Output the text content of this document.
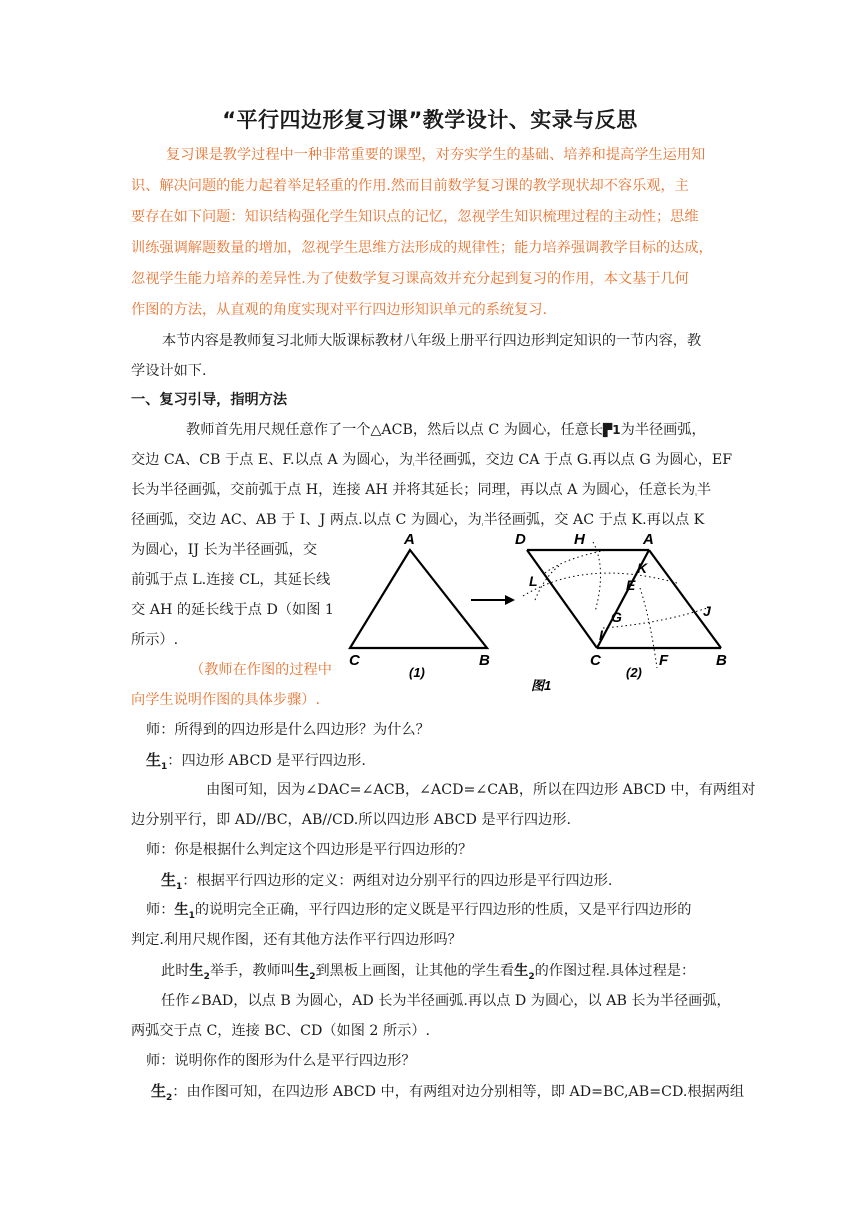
“平行四边形复习课”教学设计、实录与反思
复习课是教学过程中一种非常重要的课型，对夯实学生的基础、培养和提高学生运用知
识、解决问题的能力起着举足轻重的作用.然而目前数学复习课的教学现状却不容乐观，主
要存在如下问题：知识结构强化学生知识点的记忆，忽视学生知识梳理过程的主动性；思维
训练强调解题数量的增加，忽视学生思维方法形成的规律性；能力培养强调教学目标的达成，
忽视学生能力培养的差异性.为了使数学复习课高效并充分起到复习的作用，本文基于几何
作图的方法，从直观的角度实现对平行四边形知识单元的系统复习.
本节内容是教师复习北师大版课标教材八年级上册平行四边形判定知识的一节内容，教
学设计如下.
一、复习引导，指明方法
教师首先用尺规任意作了一个△ACB，然后以点 C 为圆心，任意长▛1为半径画弧，
交边 CA、CB 于点 E、F.以点 A 为圆心，为ₗ半径画弧，交边 CA 于点 G.再以点 G 为圆心，EF
长为半径画弧，交前弧于点 H，连接 AH 并将其延长；同理，再以点 A 为圆心，任意长为ₗ半
径画弧，交边 AC、AB 于 I、J 两点.以点 C 为圆心，为ₗ半径画弧，交 AC 于点 K.再以点 K
为圆心，IJ 长为半径画弧，交
前弧于点 L.连接 CL，其延长线
交 AH 的延长线于点 D（如图 1
所示）.
（教师在作图的过程中
向学生说明作图的具体步骤）.
A
C	B
(1)
D	H	A
L
K
E
G	J
I
C	F	B
(2)
图1
师：所得到的四边形是什么四边形？为什么？
生$_1$：四边形 ABCD 是平行四边形.
由图可知，因为∠DAC=∠ACB，∠ACD=∠CAB，所以在四边形 ABCD 中，有两组对
边分别平行，即 AD//BC，AB//CD.所以四边形 ABCD 是平行四边形.
师：你是根据什么判定这个四边形是平行四边形的？
生$_1$：根据平行四边形的定义：两组对边分别平行的四边形是平行四边形.
师：生$_1$的说明完全正确，平行四边形的定义既是平行四边形的性质，又是平行四边形的
判定.利用尺规作图，还有其他方法作平行四边形吗？
此时生$_2$举手，教师叫生$_2$到黑板上画图，让其他的学生看生$_2$的作图过程.具体过程是：
任作∠BAD，以点 B 为圆心，AD 长为半径画弧.再以点 D 为圆心，以 AB 长为半径画弧，
两弧交于点 C，连接 BC、CD（如图 2 所示）.
师：说明你作的图形为什么是平行四边形？
生$_2$：由作图可知，在四边形 ABCD 中，有两组对边分别相等，即 AD=BC,AB=CD.根据两组
